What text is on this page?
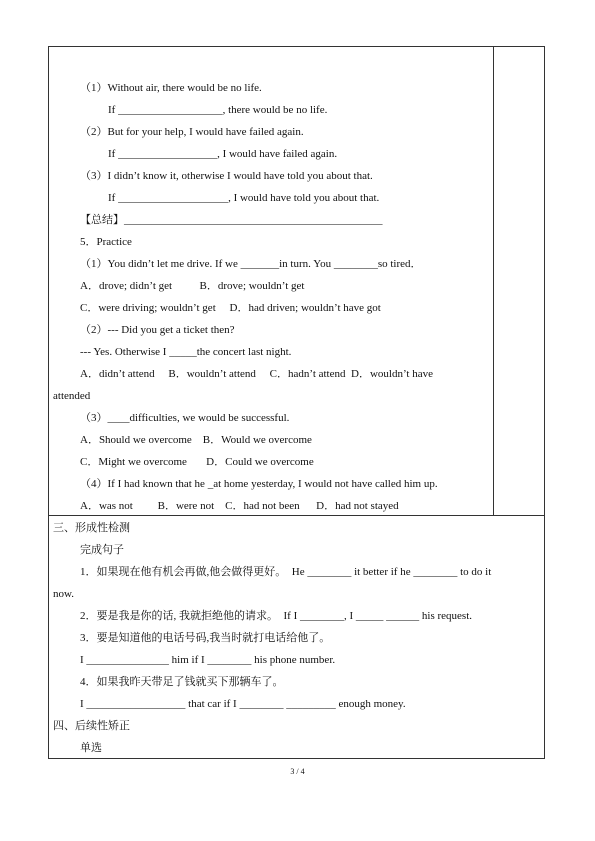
（1）Without air, there would be no life.
If ___________________, there would be no life.
（2）But for your help, I would have failed again.
If __________________, I would have failed again.
（3）I didn’t know it, otherwise I would have told you about that.
If ____________________, I would have told you about that.
【总结】_______________________________________________
5．Practice
（1）You didn’t let me drive. If we _______in turn. You ________so tired．
A．drove; didn’t get          B．drove; wouldn’t get
C．were driving; wouldn’t get     D．had driven; wouldn’t have got
（2）--- Did you get a ticket then?
--- Yes. Otherwise I _____the concert last night.
A．didn’t attend     B．wouldn’t attend     C．hadn’t attend  D．wouldn’t have
attended
（3）____difficulties, we would be successful.
A．Should we overcome    B．Would we overcome
C．Might we overcome       D．Could we overcome
（4）If I had known that he _at home yesterday, I would not have called him up.
A．was not         B．were not    C．had not been      D．had not stayed
三、形成性检测
完成句子
1．如果现在他有机会再做,他会做得更好。  He ________ it better if he ________ to do it
now.
2．要是我是你的话, 我就拒绝他的请求。  If I ________, I _____ ______ his request.
3．要是知道他的电话号码,我当时就打电话给他了。
I _______________ him if I ________ his phone number.
4．如果我昨天带足了钱就买下那辆车了。
I __________________ that car if I ________ _________ enough money.
四、后续性矫正
单选
3 / 4
